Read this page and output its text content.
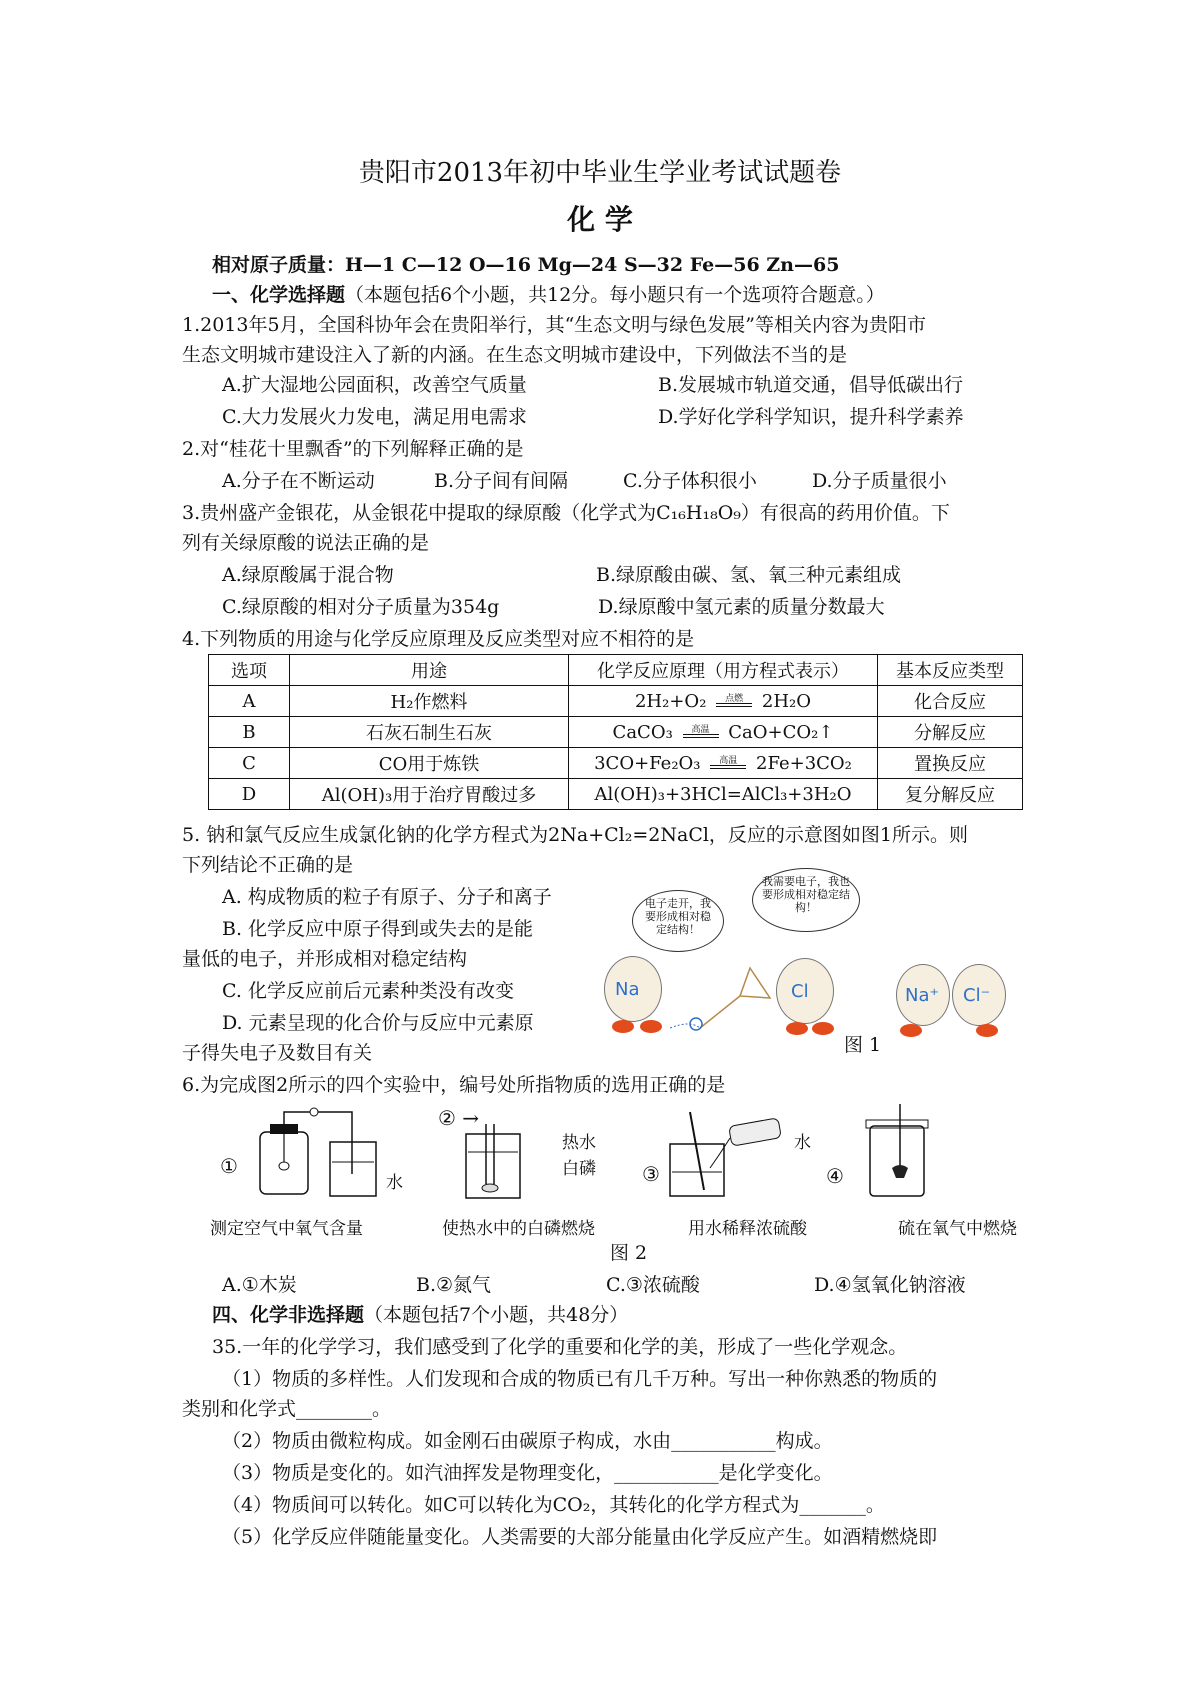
贵阳市2013年初中毕业生学业考试试题卷
化 学
相对原子质量：H—1 C—12 O—16 Mg—24 S—32 Fe—56 Zn—65
一、化学选择题（本题包括6个小题，共12分。每小题只有一个选项符合题意。）
1.2013年5月，全国科协年会在贵阳举行，其“生态文明与绿色发展”等相关内容为贵阳市
生态文明城市建设注入了新的内涵。在生态文明城市建设中，下列做法不当的是
A.扩大湿地公园面积，改善空气质量	B.发展城市轨道交通，倡导低碳出行
C.大力发展火力发电，满足用电需求	D.学好化学科学知识，提升科学素养
2.对“桂花十里飘香”的下列解释正确的是
A.分子在不断运动	B.分子间有间隔	C.分子体积很小	D.分子质量很小
3.贵州盛产金银花，从金银花中提取的绿原酸（化学式为C₁₆H₁₈O₉）有很高的药用价值。下
列有关绿原酸的说法正确的是
A.绿原酸属于混合物	B.绿原酸由碳、氢、氧三种元素组成
C.绿原酸的相对分子质量为354g	D.绿原酸中氢元素的质量分数最大
4.下列物质的用途与化学反应原理及反应类型对应不相符的是
选项	用途	化学反应原理（用方程式表示）	基本反应类型
A	H₂作燃料	2H₂+O₂ 点燃 2H₂O	化合反应
B	石灰石制生石灰	CaCO₃ 高温 CaO+CO₂↑	分解反应
C	CO用于炼铁	3CO+Fe₂O₃ 高温 2Fe+3CO₂	置换反应
D	Al(OH)₃用于治疗胃酸过多	Al(OH)₃+3HCl=AlCl₃+3H₂O	复分解反应
5. 钠和氯气反应生成氯化钠的化学方程式为2Na+Cl₂=2NaCl，反应的示意图如图1所示。则
下列结论不正确的是
A. 构成物质的粒子有原子、分子和离子
B. 化学反应中原子得到或失去的是能
量低的电子，并形成相对稳定结构
C. 化学反应前后元素种类没有改变
D. 元素呈现的化合价与反应中元素原
子得失电子及数目有关
电子走开，我要形成相对稳定结构！
我需要电子，我也要形成相对稳定结构！
Na	Cl	Na⁺ Cl⁻
图 1
6.为完成图2所示的四个实验中，编号处所指物质的选用正确的是
①
水
② →
热水
白磷 ③
水
④
测定空气中氧气含量	使热水中的白磷燃烧	用水稀释浓硫酸	硫在氧气中燃烧
图 2
A.①木炭	B.②氮气	C.③浓硫酸	D.④氢氧化钠溶液
四、化学非选择题（本题包括7个小题，共48分）
35.一年的化学学习，我们感受到了化学的重要和化学的美，形成了一些化学观念。
（1）物质的多样性。人们发现和合成的物质已有几千万种。写出一种你熟悉的物质的
类别和化学式________。
（2）物质由微粒构成。如金刚石由碳原子构成，水由___________构成。
（3）物质是变化的。如汽油挥发是物理变化，___________是化学变化。
（4）物质间可以转化。如C可以转化为CO₂，其转化的化学方程式为_______。
（5）化学反应伴随能量变化。人类需要的大部分能量由化学反应产生。如酒精燃烧即
